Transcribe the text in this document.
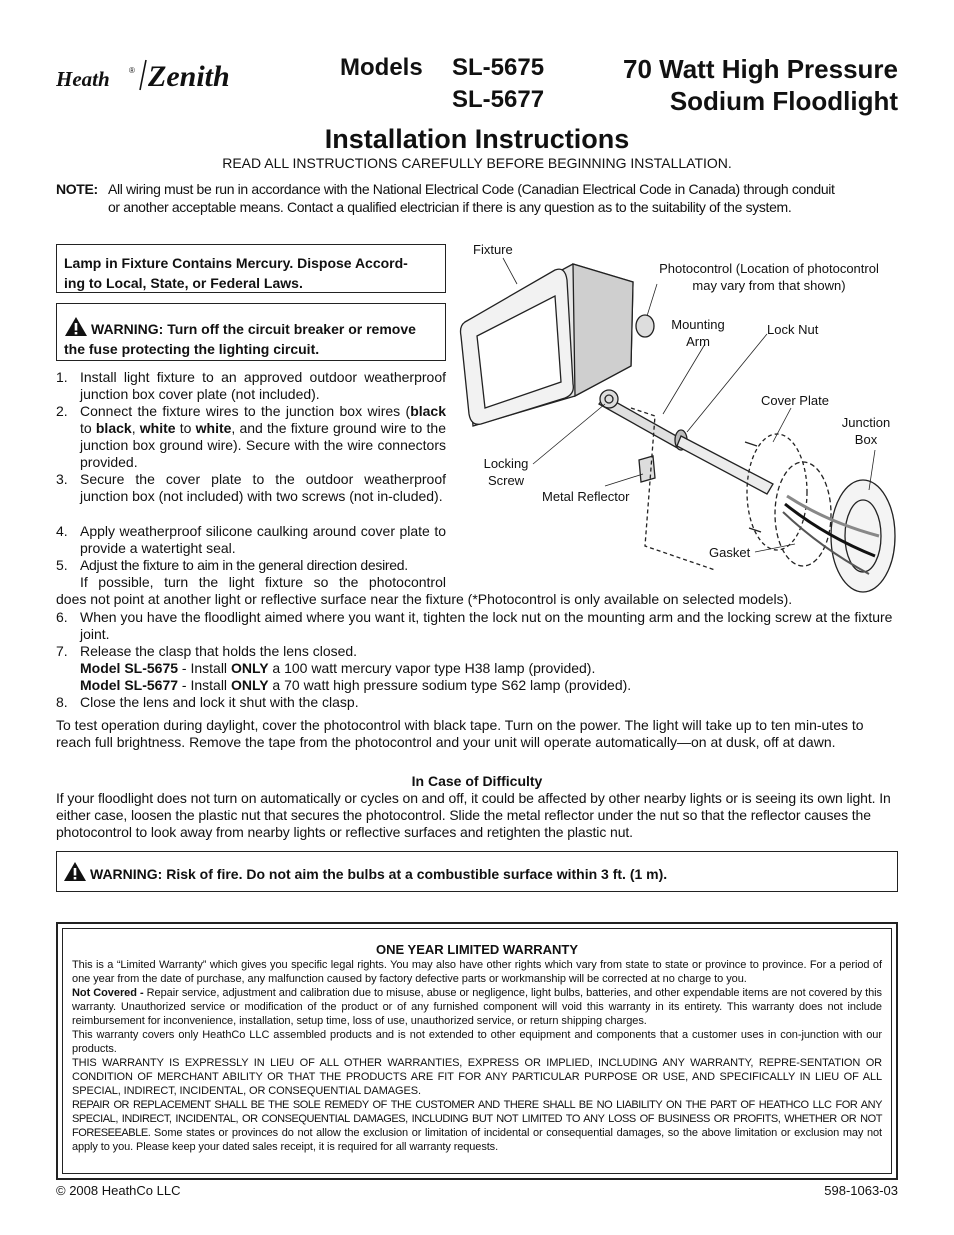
Heath ® Zenith	Models SL-5675
SL-5677
70 Watt High Pressure
Sodium Floodlight
Installation Instructions
READ ALL INSTRUCTIONS CAREFULLY BEFORE BEGINNING INSTALLATION.
NOTE: All wiring must be run in accordance with the National Electrical Code (Canadian Electrical Code in Canada) through conduit
or another acceptable means. Contact a qualified electrician if there is any question as to the suitability of the system.
Lamp in Fixture Contains Mercury. Dispose Accord-
ing to Local, State, or Federal Laws.
WARNING: Turn off the circuit breaker or remove
the fuse protecting the lighting circuit.
1. Install light fixture to an approved outdoor weatherproof junction box cover plate (not included).
2. Connect the fixture wires to the junction box wires (black to black, white to white, and the fixture ground wire to the junction box ground wire). Secure with the wire connectors provided.
3. Secure the cover plate to the outdoor weatherproof junction box (not included) with two screws (not in-cluded).
4. Apply weatherproof silicone caulking around cover plate to provide a watertight seal.
5. Adjust the fixture to aim in the general direction desired.
If possible, turn the light fixture so the photocontrol
does not point at another light or reflective surface near the fixture (*Photocontrol is only available on selected models).
6. When you have the floodlight aimed where you want it, tighten the lock nut on the mounting arm and the locking screw at the fixture joint.
7. Release the clasp that holds the lens closed.
Model SL-5675 - Install ONLY a 100 watt mercury vapor type H38 lamp (provided).
Model SL-5677 - Install ONLY a 70 watt high pressure sodium type S62 lamp (provided).
8. Close the lens and lock it shut with the clasp.
Fixture
Photocontrol (Location of photocontrol
may vary from that shown)
Mounting
Arm
Lock Nut
Cover Plate
Junction
Box
Locking
Screw
Metal Reflector
Gasket
To test operation during daylight, cover the photocontrol with black tape. Turn on the power. The light will take up to ten min-utes to reach full brightness. Remove the tape from the photocontrol and your unit will operate automatically—on at dusk, off at dawn.
In Case of Difficulty
If your floodlight does not turn on automatically or cycles on and off, it could be affected by other nearby lights or is seeing its own light. In either case, loosen the plastic nut that secures the photocontrol. Slide the metal reflector under the nut so that the reflector causes the photocontrol to look away from nearby lights or reflective surfaces and retighten the plastic nut.
WARNING: Risk of fire. Do not aim the bulbs at a combustible surface within 3 ft. (1 m).
ONE YEAR LIMITED WARRANTY
This is a “Limited Warranty” which gives you specific legal rights. You may also have other rights which vary from state to state or province to province. For a period of one year from the date of purchase, any malfunction caused by factory defective parts or workmanship will be corrected at no charge to you.
Not Covered - Repair service, adjustment and calibration due to misuse, abuse or negligence, light bulbs, batteries, and other expendable items are not covered by this warranty. Unauthorized service or modification of the product or of any furnished component will void this warranty in its entirety. This warranty does not include reimbursement for inconvenience, installation, setup time, loss of use, unauthorized service, or return shipping charges.
This warranty covers only HeathCo LLC assembled products and is not extended to other equipment and components that a customer uses in con-junction with our products.
THIS WARRANTY IS EXPRESSLY IN LIEU OF ALL OTHER WARRANTIES, EXPRESS OR IMPLIED, INCLUDING ANY WARRANTY, REPRE-SENTATION OR CONDITION OF MERCHANT ABILITY OR THAT THE PRODUCTS ARE FIT FOR ANY PARTICULAR PURPOSE OR USE, AND SPECIFICALLY IN LIEU OF ALL SPECIAL, INDIRECT, INCIDENTAL, OR CONSEQUENTIAL DAMAGES.
REPAIR OR REPLACEMENT SHALL BE THE SOLE REMEDY OF THE CUSTOMER AND THERE SHALL BE NO LIABILITY ON THE PART OF HEATHCO LLC FOR ANY SPECIAL, INDIRECT, INCIDENTAL, OR CONSEQUENTIAL DAMAGES, INCLUDING BUT NOT LIMITED TO ANY LOSS OF BUSINESS OR PROFITS, WHETHER OR NOT FORESEEABLE. Some states or provinces do not allow the exclusion or limitation of incidental or consequential damages, so the above limitation or exclusion may not apply to you. Please keep your dated sales receipt, it is required for all warranty requests.
© 2008 HeathCo LLC	598-1063-03
